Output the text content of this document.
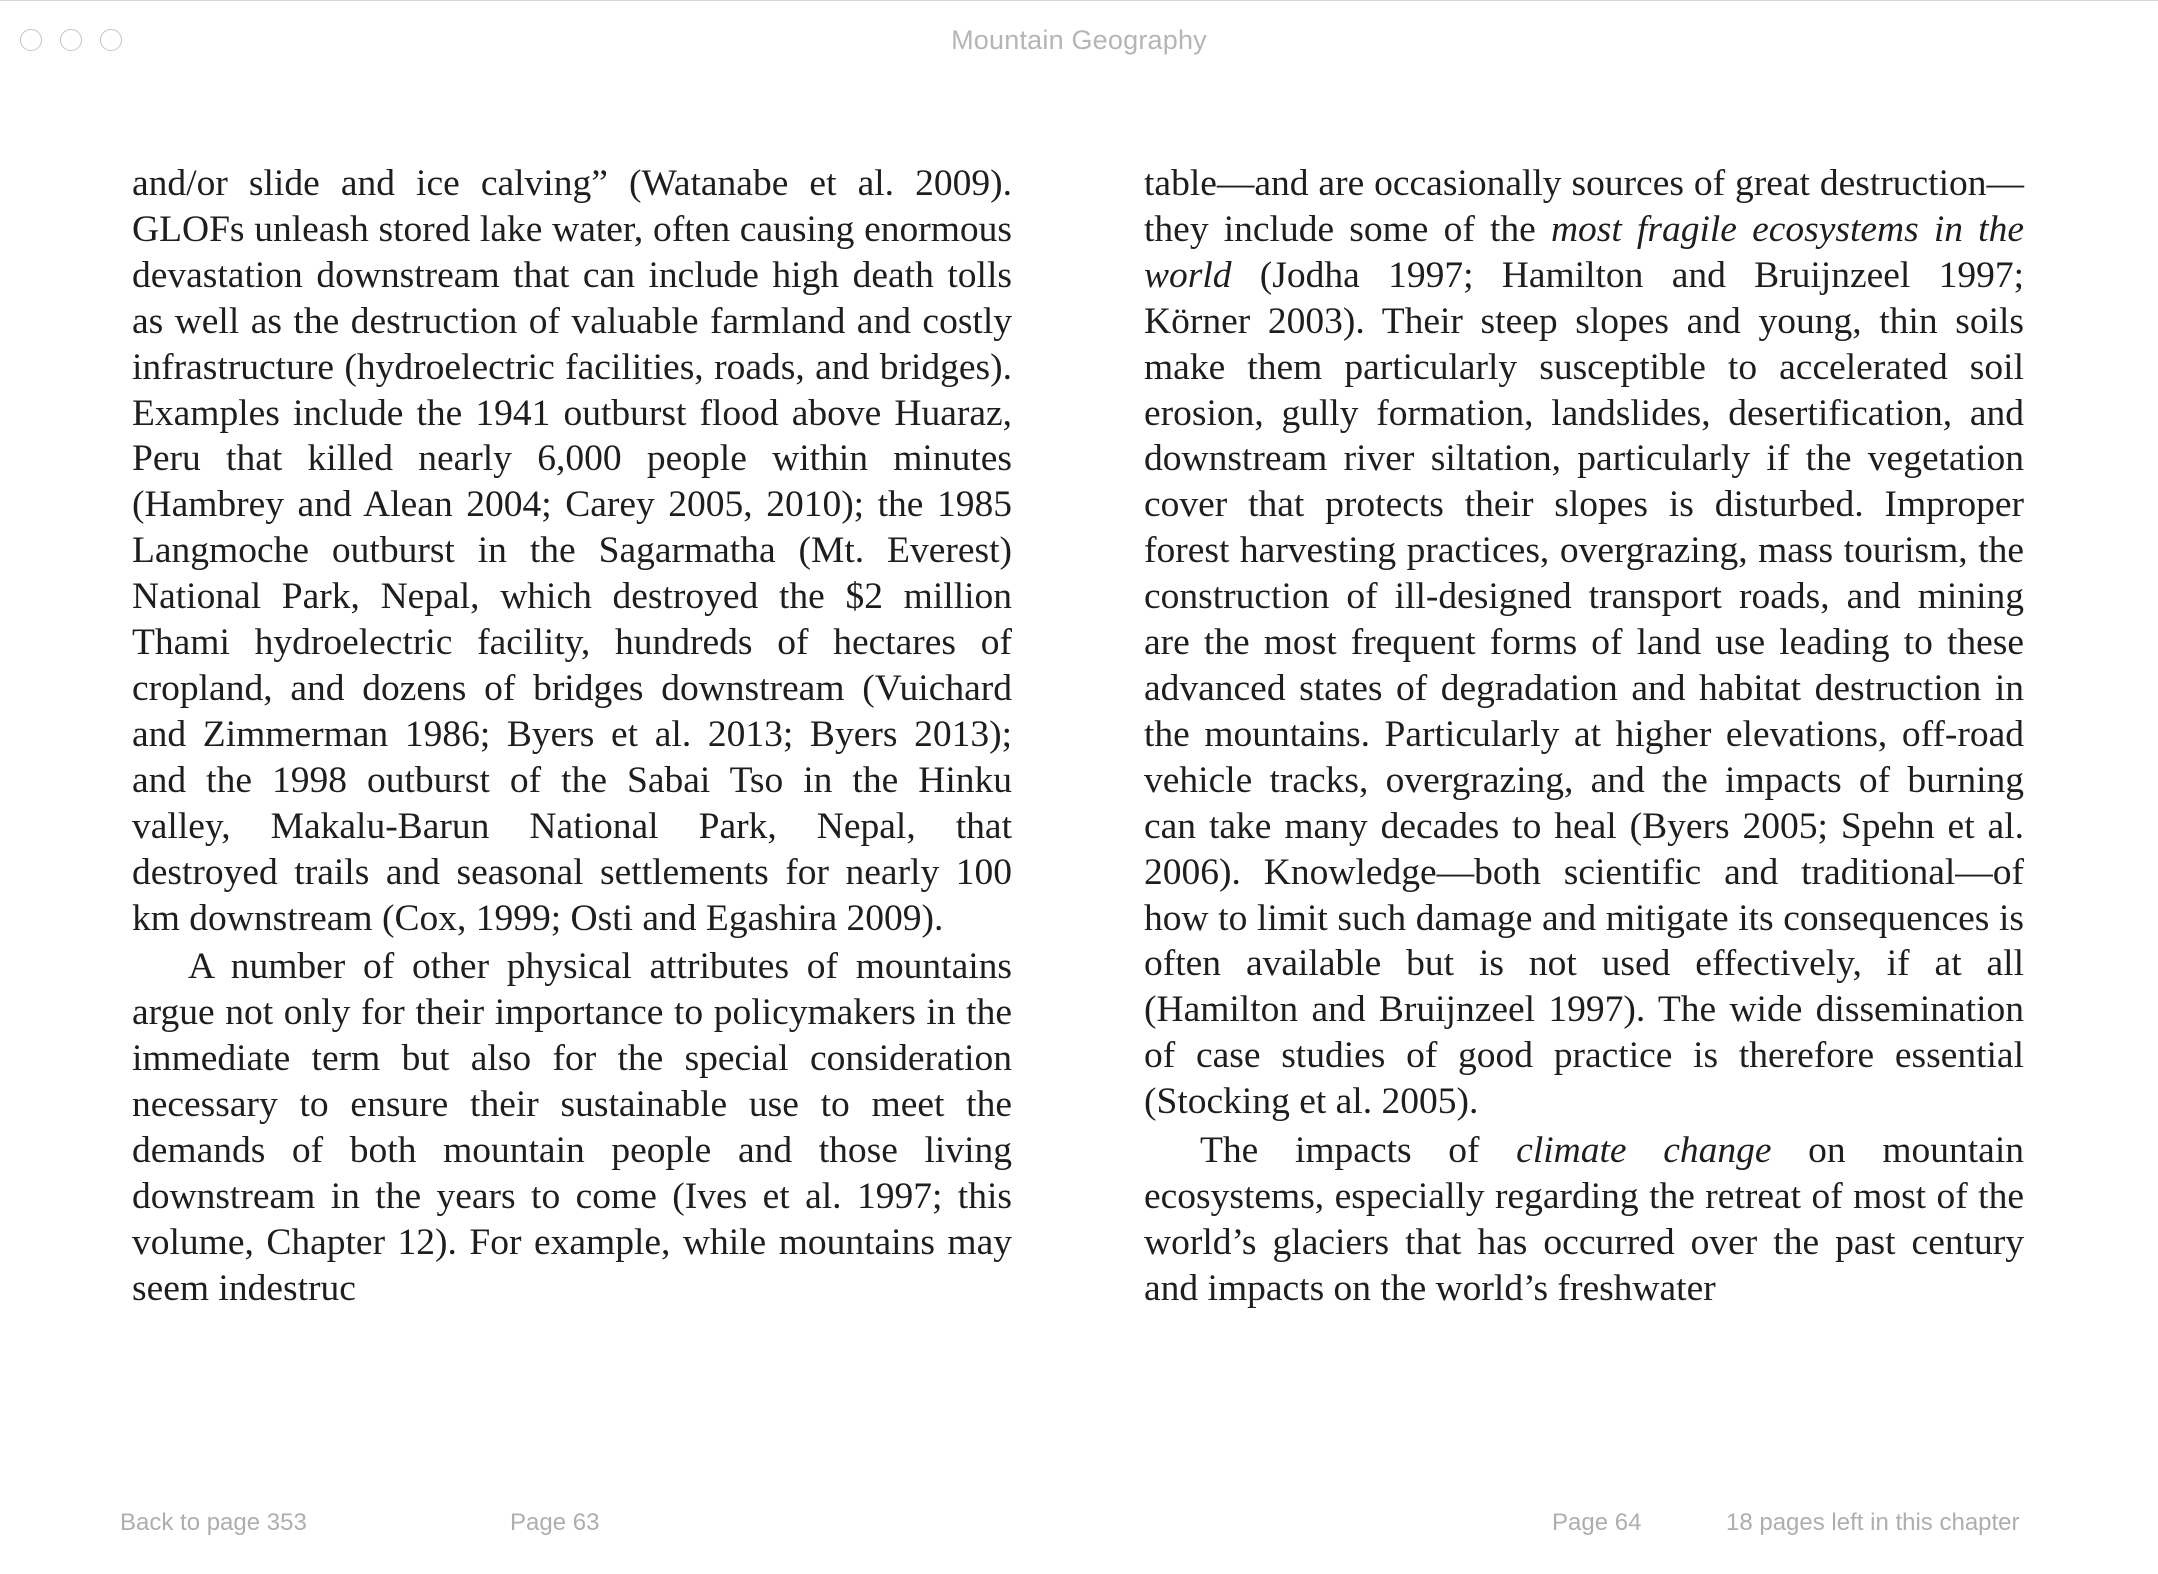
Mountain Geography

and/or slide and ice calving” (Watanabe et al. 2009). GLOFs unleash stored lake water, often causing enormous devastation downstream that can include high death tolls as well as the destruction of valuable farmland and costly infrastructure (hydroelectric facilities, roads, and bridges). Examples include the 1941 outburst flood above Huaraz, Peru that killed nearly 6,000 people within minutes (Hambrey and Alean 2004; Carey 2005, 2010); the 1985 Langmoche outburst in the Sagarmatha (Mt. Everest) National Park, Nepal, which destroyed the $2 million Thami hydroelectric facility, hundreds of hectares of cropland, and dozens of bridges downstream (Vuichard and Zimmerman 1986; Byers et al. 2013; Byers 2013); and the 1998 outburst of the Sabai Tso in the Hinku valley, Makalu-Barun National Park, Nepal, that destroyed trails and seasonal settlements for nearly 100 km downstream (Cox, 1999; Osti and Egashira 2009).

A number of other physical attributes of mountains argue not only for their importance to policymakers in the immediate term but also for the special consideration necessary to ensure their sustainable use to meet the demands of both mountain people and those living downstream in the years to come (Ives et al. 1997; this volume, Chapter 12). For example, while mountains may seem indestruc

table—and are occasionally sources of great destruction—they include some of the most fragile ecosystems in the world (Jodha 1997; Hamilton and Bruijnzeel 1997; Körner 2003). Their steep slopes and young, thin soils make them particularly susceptible to accelerated soil erosion, gully formation, landslides, desertification, and downstream river siltation, particularly if the vegetation cover that protects their slopes is disturbed. Improper forest harvesting practices, overgrazing, mass tourism, the construction of ill-designed transport roads, and mining are the most frequent forms of land use leading to these advanced states of degradation and habitat destruction in the mountains. Particularly at higher elevations, off-road vehicle tracks, overgrazing, and the impacts of burning can take many decades to heal (Byers 2005; Spehn et al. 2006). Knowledge—both scientific and traditional—of how to limit such damage and mitigate its consequences is often available but is not used effectively, if at all (Hamilton and Bruijnzeel 1997). The wide dissemination of case studies of good practice is therefore essential (Stocking et al. 2005).

The impacts of climate change on mountain ecosystems, especially regarding the retreat of most of the world’s glaciers that has occurred over the past century and impacts on the world’s freshwater

Back to page 353	Page 63	Page 64	18 pages left in this chapter
